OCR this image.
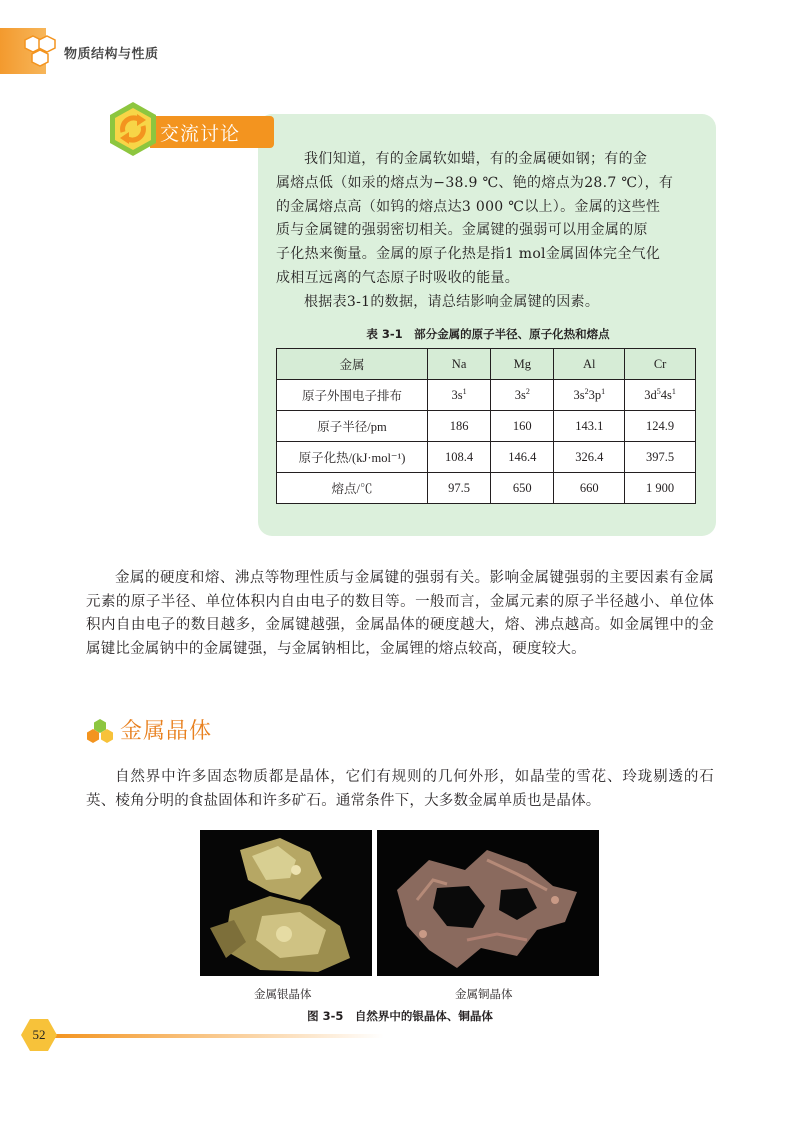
物质结构与性质
交流讨论

我们知道，有的金属软如蜡，有的金属硬如钢；有的金

属熔点低（如汞的熔点为−38.9 ℃、铯的熔点为28.7 ℃），有

的金属熔点高（如钨的熔点达3 000 ℃以上）。金属的这些性

质与金属键的强弱密切相关。金属键的强弱可以用金属的原

子化热来衡量。金属的原子化热是指1 mol金属固体完全气化

成相互远离的气态原子时吸收的能量。

根据表3-1的数据，请总结影响金属键的因素。

表 3-1　部分金属的原子半径、原子化热和熔点
金属	Na	Mg	Al	Cr
原子外围电子排布	$3s^1$	$3s^2$	$3s^23p^1$	$3d^54s^1$
原子半径/pm	186	160	143.1	124.9
原子化热/(kJ·mol⁻¹)	108.4	146.4	326.4	397.5
熔点/℃	97.5	650	660	1 900

金属的硬度和熔、沸点等物理性质与金属键的强弱有关。影响金属键强弱的主要因素有金属元素的原子半径、单位体积内自由电子的数目等。一般而言，金属元素的原子半径越小、单位体积内自由电子的数目越多，金属键越强，金属晶体的硬度越大，熔、沸点越高。如金属锂中的金属键比金属钠中的金属键强，与金属钠相比，金属锂的熔点较高，硬度较大。

金属晶体

自然界中许多固态物质都是晶体，它们有规则的几何外形，如晶莹的雪花、玲珑剔透的石英、棱角分明的食盐固体和许多矿石。通常条件下，大多数金属单质也是晶体。

金属银晶体	金属铜晶体
图 3-5　自然界中的银晶体、铜晶体
52
